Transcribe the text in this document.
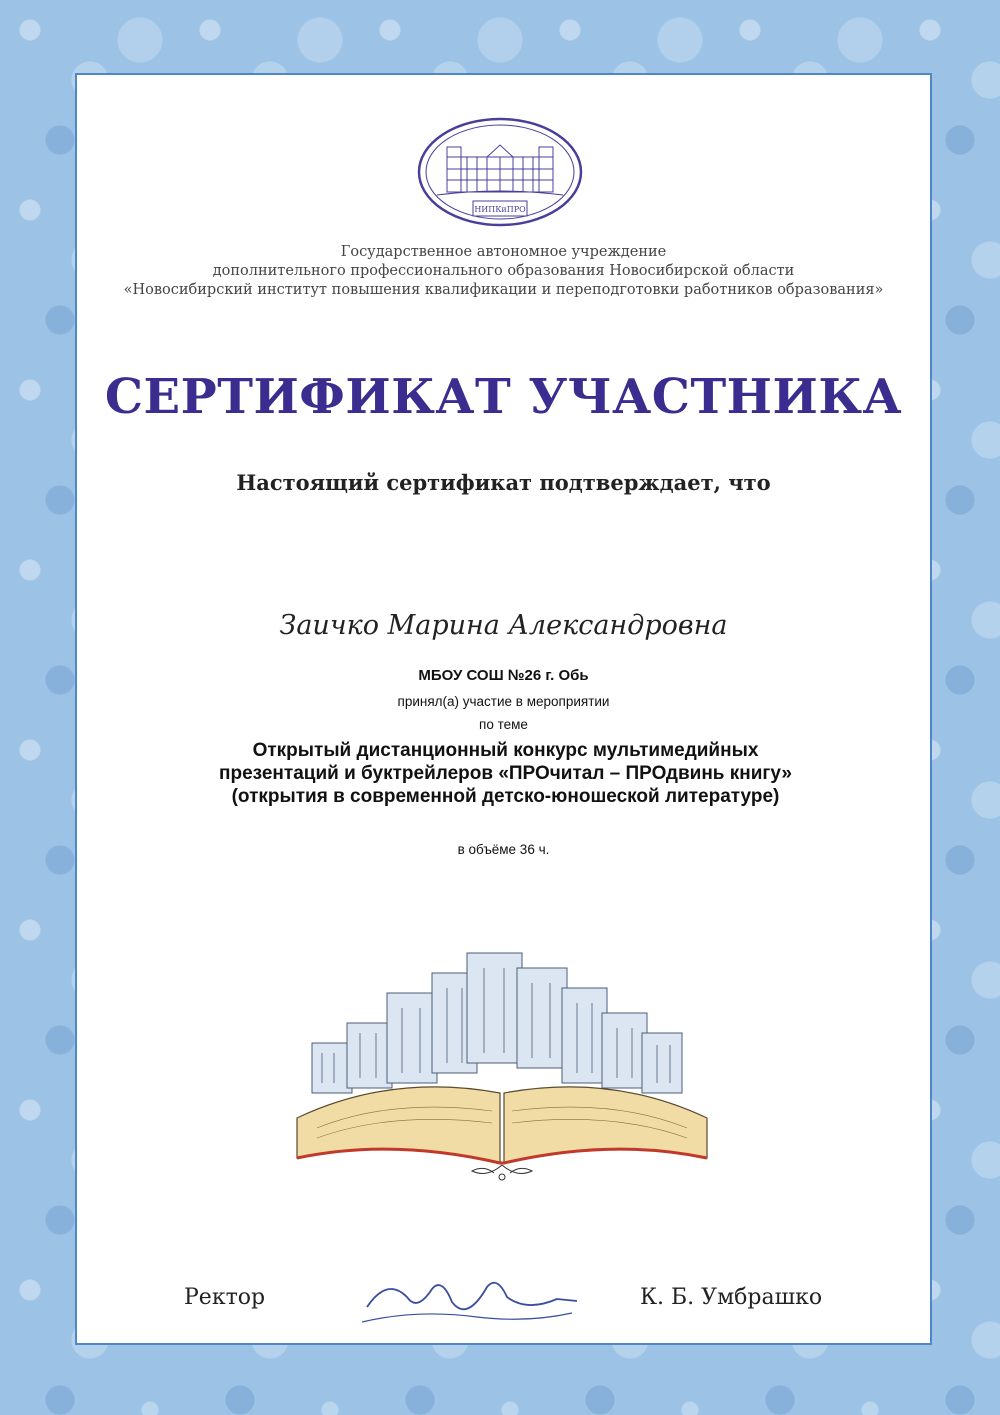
НИПКиПРО
Государственное автономное учреждение
дополнительного профессионального образования Новосибирской области
«Новосибирский институт повышения квалификации и переподготовки работников образования»
СЕРТИФИКАТ УЧАСТНИКА
Настоящий сертификат подтверждает, что
Заичко Марина Александровна
МБОУ СОШ №26 г. Обь
принял(а) участие в мероприятии
по теме
Открытый дистанционный конкурс мультимедийных презентаций и буктрейлеров «ПРОчитал – ПРОдвинь книгу» (открытия в современной детско-юношеской литературе)
в объёме 36 ч.
Ректор	К. Б. Умбрашко
